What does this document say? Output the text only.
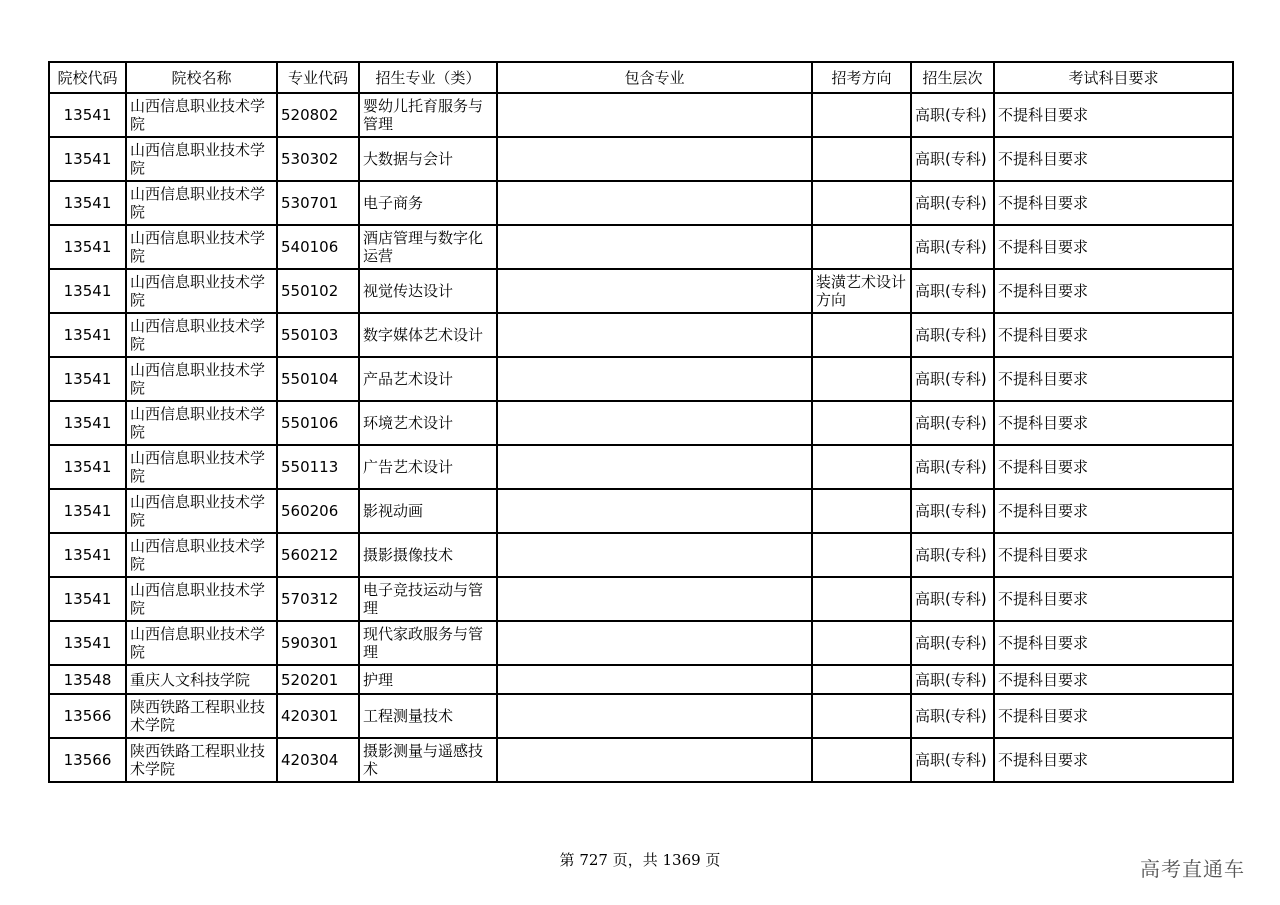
院校代码	院校名称	专业代码	招生专业（类）	包含专业	招考方向	招生层次	考试科目要求
13541	山西信息职业技术学院	520802	婴幼儿托育服务与管理			高职(专科)	不提科目要求
13541	山西信息职业技术学院	530302	大数据与会计			高职(专科)	不提科目要求
13541	山西信息职业技术学院	530701	电子商务			高职(专科)	不提科目要求
13541	山西信息职业技术学院	540106	酒店管理与数字化运营			高职(专科)	不提科目要求
13541	山西信息职业技术学院	550102	视觉传达设计		装潢艺术设计方向	高职(专科)	不提科目要求
13541	山西信息职业技术学院	550103	数字媒体艺术设计			高职(专科)	不提科目要求
13541	山西信息职业技术学院	550104	产品艺术设计			高职(专科)	不提科目要求
13541	山西信息职业技术学院	550106	环境艺术设计			高职(专科)	不提科目要求
13541	山西信息职业技术学院	550113	广告艺术设计			高职(专科)	不提科目要求
13541	山西信息职业技术学院	560206	影视动画			高职(专科)	不提科目要求
13541	山西信息职业技术学院	560212	摄影摄像技术			高职(专科)	不提科目要求
13541	山西信息职业技术学院	570312	电子竞技运动与管理			高职(专科)	不提科目要求
13541	山西信息职业技术学院	590301	现代家政服务与管理			高职(专科)	不提科目要求
13548	重庆人文科技学院	520201	护理			高职(专科)	不提科目要求
13566	陕西铁路工程职业技术学院	420301	工程测量技术			高职(专科)	不提科目要求
13566	陕西铁路工程职业技术学院	420304	摄影测量与遥感技术			高职(专科)	不提科目要求
第 727 页，共 1369 页	高考直通车
